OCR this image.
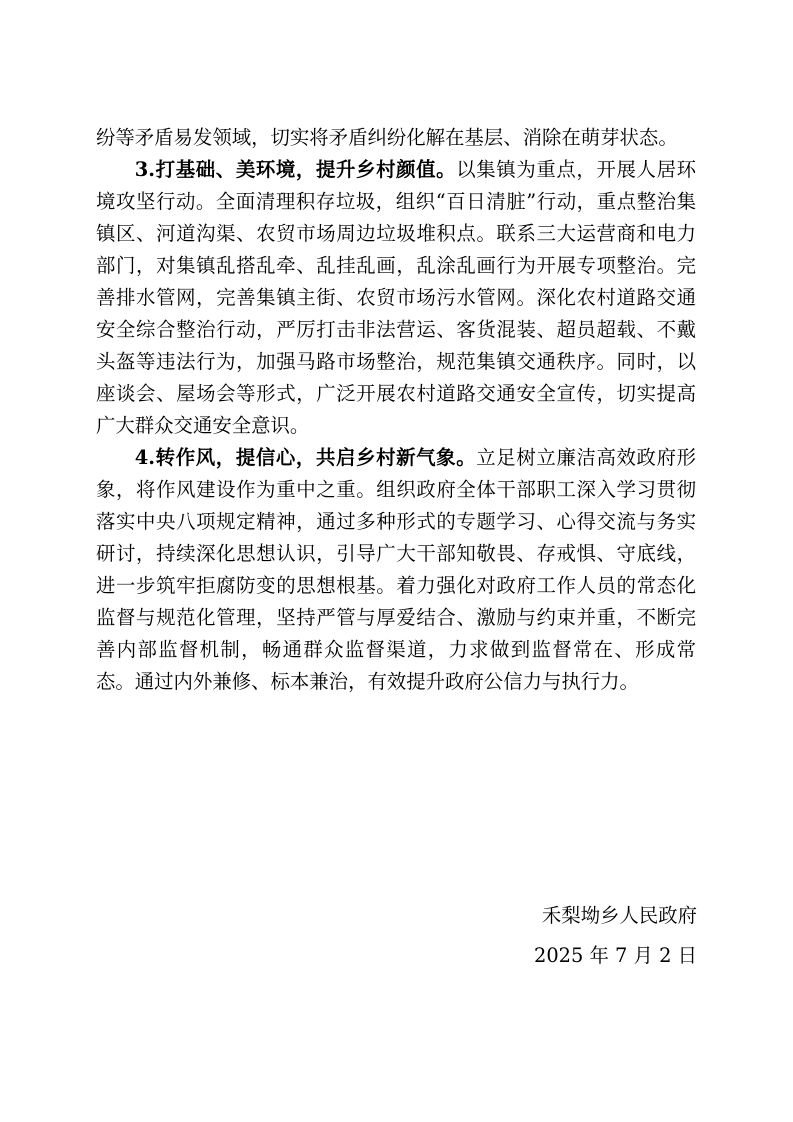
纷等矛盾易发领域，切实将矛盾纠纷化解在基层、消除在萌芽状态。

3.打基础、美环境，提升乡村颜值。以集镇为重点，开展人居环境攻坚行动。全面清理积存垃圾，组织“百日清脏”行动，重点整治集镇区、河道沟渠、农贸市场周边垃圾堆积点。联系三大运营商和电力部门，对集镇乱搭乱牵、乱挂乱画，乱涂乱画行为开展专项整治。完善排水管网，完善集镇主街、农贸市场污水管网。深化农村道路交通安全综合整治行动，严厉打击非法营运、客货混装、超员超载、不戴头盔等违法行为，加强马路市场整治，规范集镇交通秩序。同时，以座谈会、屋场会等形式，广泛开展农村道路交通安全宣传，切实提高广大群众交通安全意识。

4.转作风，提信心，共启乡村新气象。立足树立廉洁高效政府形象，将作风建设作为重中之重。组织政府全体干部职工深入学习贯彻落实中央八项规定精神，通过多种形式的专题学习、心得交流与务实研讨，持续深化思想认识，引导广大干部知敬畏、存戒惧、守底线，进一步筑牢拒腐防变的思想根基。着力强化对政府工作人员的常态化监督与规范化管理，坚持严管与厚爱结合、激励与约束并重，不断完善内部监督机制，畅通群众监督渠道，力求做到监督常在、形成常态。通过内外兼修、标本兼治，有效提升政府公信力与执行力。

禾梨坳乡人民政府
2025 年 7 月 2 日
